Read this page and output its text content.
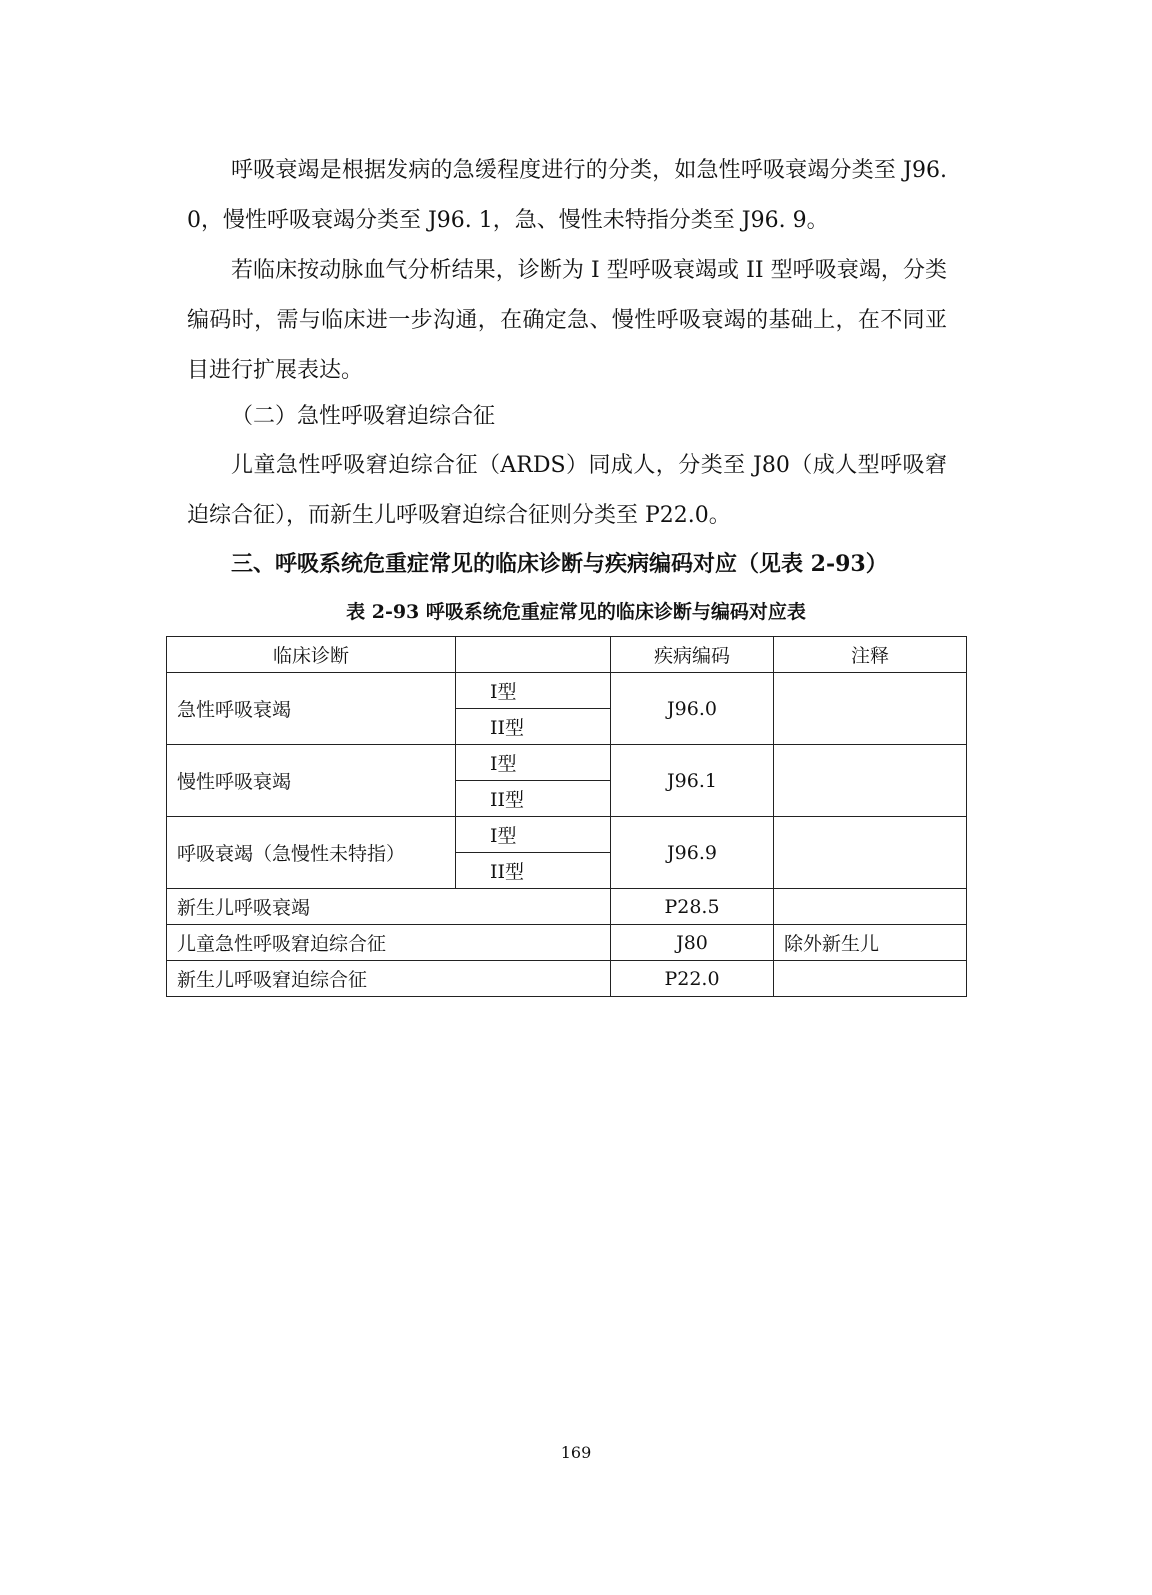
呼吸衰竭是根据发病的急缓程度进行的分类，如急性呼吸衰竭分类至 J96. 0，慢性呼吸衰竭分类至 J96. 1，急、慢性未特指分类至 J96. 9。

若临床按动脉血气分析结果，诊断为 I 型呼吸衰竭或 II 型呼吸衰竭，分类编码时，需与临床进一步沟通，在确定急、慢性呼吸衰竭的基础上，在不同亚目进行扩展表达。

（二）急性呼吸窘迫综合征

儿童急性呼吸窘迫综合征（ARDS）同成人，分类至 J80（成人型呼吸窘迫综合征），而新生儿呼吸窘迫综合征则分类至 P22.0。

三、呼吸系统危重症常见的临床诊断与疾病编码对应（见表 2-93）

表 2-93 呼吸系统危重症常见的临床诊断与编码对应表

临床诊断		疾病编码	注释
急性呼吸衰竭	I型	J96.0	
	II型		
慢性呼吸衰竭	I型	J96.1	
	II型		
呼吸衰竭（急慢性未特指）	I型	J96.9	
	II型		
新生儿呼吸衰竭		P28.5	
儿童急性呼吸窘迫综合征		J80	除外新生儿
新生儿呼吸窘迫综合征		P22.0	
169
